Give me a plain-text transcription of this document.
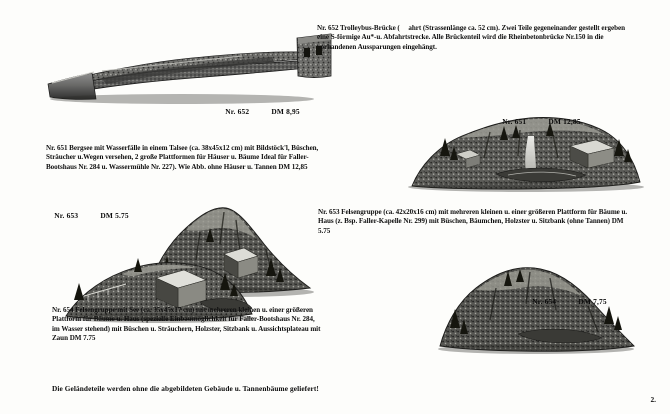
Nr. 652	DM 8,95

Nr. 652 Trolleybus-Brücke (     ahrt (Strassenlänge ca. 52 cm). Zwei Teile gegeneinander gestellt ergeben eine S-förmige Au*-u. Abfahrtstrecke. Alle Brückenteil wird die Rheinbetonbrücke Nr.150 in die vorhandenen Aussparungen eingehängt.

Nr. 651	DM 12,85

Nr. 651 Bergsee mit Wasserfälle in einem Talsee (ca. 38x45x12 cm) mit Bildstöck'l, Büschen, Sträucher u.Wegen versehen, 2 große Plattformen für Häuser u. Bäume Ideal für Faller-Bootshaus Nr. 284 u. Wassermühle Nr. 227). Wie Abb. ohne Häuser u. Tannen DM 12,85

Nr. 653	DM 5.75
	Nr. 653 Felsengruppe (ca. 42x20x16 cm) mit mehreren kleinen u. einer größeren Plattform für Bäume u. Haus (z. Bsp. Faller-Kapelle Nr. 299) mit Büschen, Bäumchen, Holzster u. Sitzbank (ohne Tannen) DM 5.75

Nr. 654	DM 7,75

Nr. 654 Felsengruppe mit See (ca. 35x45x17 cm) mit mehreren kleinen u. einer größeren Plattform für Bäume u. Haus (spezielle Einbaumöglichkeit für Faller-Bootshaus Nr. 284, im Wasser stehend) mit Büschen u. Sträuchern, Holzster, Sitzbank u. Aussichtsplateau mit Zaun DM 7.75
Die Geländeteile werden ohne die abgebildeten Gebäude u. Tannenbäume geliefert!
2.
